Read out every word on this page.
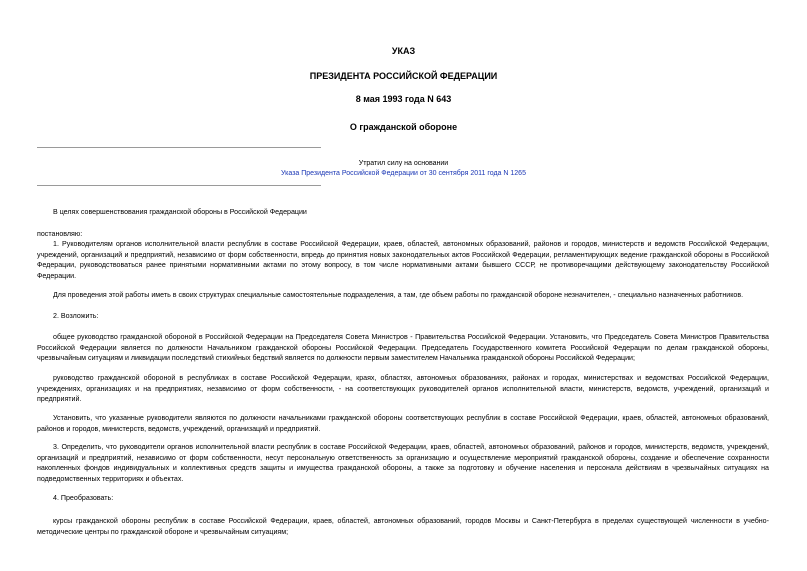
УКАЗ
ПРЕЗИДЕНТА РОССИЙСКОЙ ФЕДЕРАЦИИ
8 мая 1993 года N 643
О гражданской обороне
Утратил силу на основании
Указа Президента Российской Федерации от 30 сентября 2011 года N 1265

В целях совершенствования гражданской обороны в Российской Федерации

постановляю:

1. Руководителям органов исполнительной власти республик в составе Российской Федерации, краев, областей, автономных образований, районов и городов, министерств и ведомств Российской Федерации, учреждений, организаций и предприятий, независимо от форм собственности, впредь до принятия новых законодательных актов Российской Федерации, регламентирующих ведение гражданской обороны в Российской Федерации, руководствоваться ранее принятыми нормативными актами по этому вопросу, в том числе нормативными актами бывшего СССР, не противоречащими действующему законодательству Российской Федерации.

Для проведения этой работы иметь в своих структурах специальные самостоятельные подразделения, а там, где объем работы по гражданской обороне незначителен, - специально назначенных работников.

2. Возложить:

общее руководство гражданской обороной в Российской Федерации на Председателя Совета Министров - Правительства Российской Федерации. Установить, что Председатель Совета Министров Правительства Российской Федерации является по должности Начальником гражданской обороны Российской Федерации. Председатель Государственного комитета Российской Федерации по делам гражданской обороны, чрезвычайным ситуациям и ликвидации последствий стихийных бедствий является по должности первым заместителем Начальника гражданской обороны Российской Федерации;

руководство гражданской обороной в республиках в составе Российской Федерации, краях, областях, автономных образованиях, районах и городах, министерствах и ведомствах Российской Федерации, учреждениях, организациях и на предприятиях, независимо от форм собственности, - на соответствующих руководителей органов исполнительной власти, министерств, ведомств, учреждений, организаций и предприятий.

Установить, что указанные руководители являются по должности начальниками гражданской обороны соответствующих республик в составе Российской Федерации, краев, областей, автономных образований, районов и городов, министерств, ведомств, учреждений, организаций и предприятий.

3. Определить, что руководители органов исполнительной власти республик в составе Российской Федерации, краев, областей, автономных образований, районов и городов, министерств, ведомств, учреждений, организаций и предприятий, независимо от форм собственности, несут персональную ответственность за организацию и осуществление мероприятий гражданской обороны, создание и обеспечение сохранности накопленных фондов индивидуальных и коллективных средств защиты и имущества гражданской обороны, а также за подготовку и обучение населения и персонала действиям в чрезвычайных ситуациях на подведомственных территориях и объектах.

4. Преобразовать:

курсы гражданской обороны республик в составе Российской Федерации, краев, областей, автономных образований, городов Москвы и Санкт-Петербурга в пределах существующей численности в учебно-методические центры по гражданской обороне и чрезвычайным ситуациям;
